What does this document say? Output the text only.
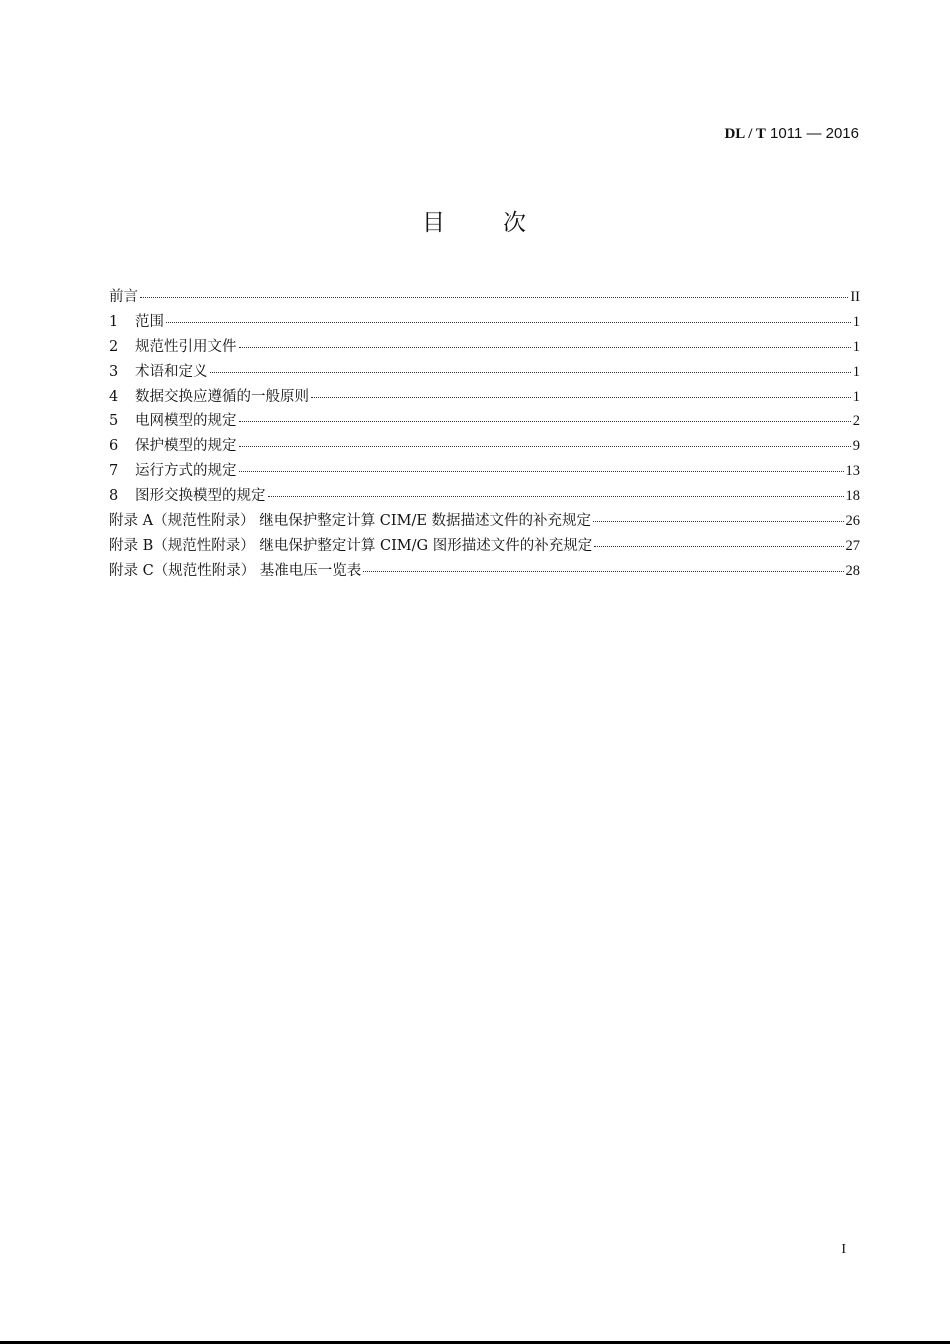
DL / T 1011 — 2016
目 次
前言	II
1	范围	1
2	规范性引用文件	1
3	术语和定义	1
4	数据交换应遵循的一般原则	1
5	电网模型的规定	2
6	保护模型的规定	9
7	运行方式的规定	13
8	图形交换模型的规定	18
附录 A（规范性附录） 继电保护整定计算 CIM/E 数据描述文件的补充规定	26
附录 B（规范性附录） 继电保护整定计算 CIM/G 图形描述文件的补充规定	27
附录 C（规范性附录） 基准电压一览表	28
I
